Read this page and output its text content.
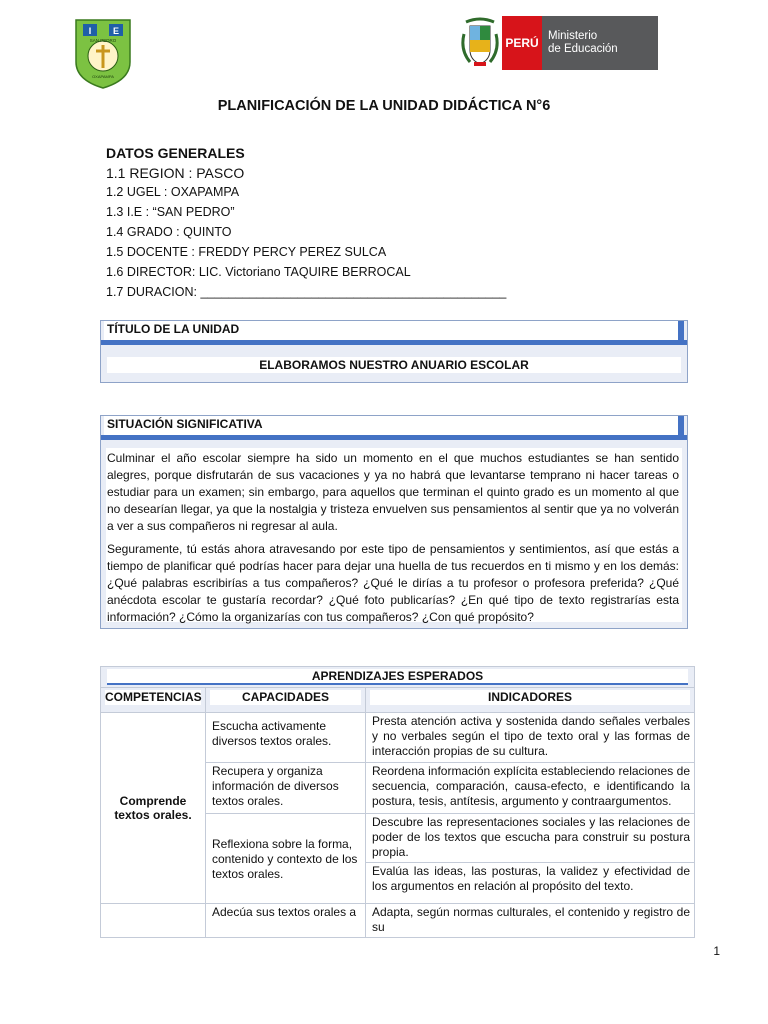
I E
SAN PEDRO
OXAPAMPA
PERÚ Ministerio
de Educación
PLANIFICACIÓN DE LA UNIDAD DIDÁCTICA N°6
DATOS GENERALES
1.1 REGION : PASCO
1.2 UGEL : OXAPAMPA
1.3 I.E : “SAN PEDRO”
1.4 GRADO : QUINTO
1.5 DOCENTE : FREDDY PERCY PEREZ SULCA
1.6 DIRECTOR: LIC. Victoriano TAQUIRE BERROCAL
1.7 DURACION: ____________________________________________
TÍTULO DE LA UNIDAD
ELABORAMOS NUESTRO ANUARIO ESCOLAR
SITUACIÓN SIGNIFICATIVA

Culminar el año escolar siempre ha sido un momento en el que muchos estudiantes se han sentido alegres, porque disfrutarán de sus vacaciones y ya no habrá que levantarse temprano ni hacer tareas o estudiar para un examen; sin embargo, para aquellos que terminan el quinto grado es un momento al que no desearían llegar, ya que la nostalgia y tristeza envuelven sus pensamientos al sentir que ya no volverán a ver a sus compañeros ni regresar al aula.

Seguramente, tú estás ahora atravesando por este tipo de pensamientos y sentimientos, así que estás a tiempo de planificar qué podrías hacer para dejar una huella de tus recuerdos en ti mismo y en los demás: ¿Qué palabras escribirías a tus compañeros? ¿Qué le dirías a tu profesor o profesora preferida? ¿Qué anécdota escolar te gustaría recordar? ¿Qué foto publicarías? ¿En qué tipo de texto registrarías esta información? ¿Cómo la organizarías con tus compañeros? ¿Con qué propósito?

APRENDIZAJES ESPERADOS		

COMPETENCIAS	CAPACIDADES	INDICADORES

Comprende textos orales.	Escucha activamente diversos textos orales.	Presta atención activa y sostenida dando señales verbales y no verbales según el tipo de texto oral y las formas de interacción propias de su cultura.

	Recupera y organiza información de diversos textos orales.	Reordena información explícita estableciendo relaciones de secuencia, comparación, causa-efecto, e identificando la postura, tesis, antítesis, argumento y contraargumentos.

	Reflexiona sobre la forma, contenido y contexto de los textos orales.	Descubre las representaciones sociales y las relaciones de poder de los textos que escucha para construir su postura propia.
Evalúa las ideas, las posturas, la validez y efectividad de los argumentos en relación al propósito del texto.

	Adecúa sus textos orales a	Adapta, según normas culturales, el contenido y registro de su
1
